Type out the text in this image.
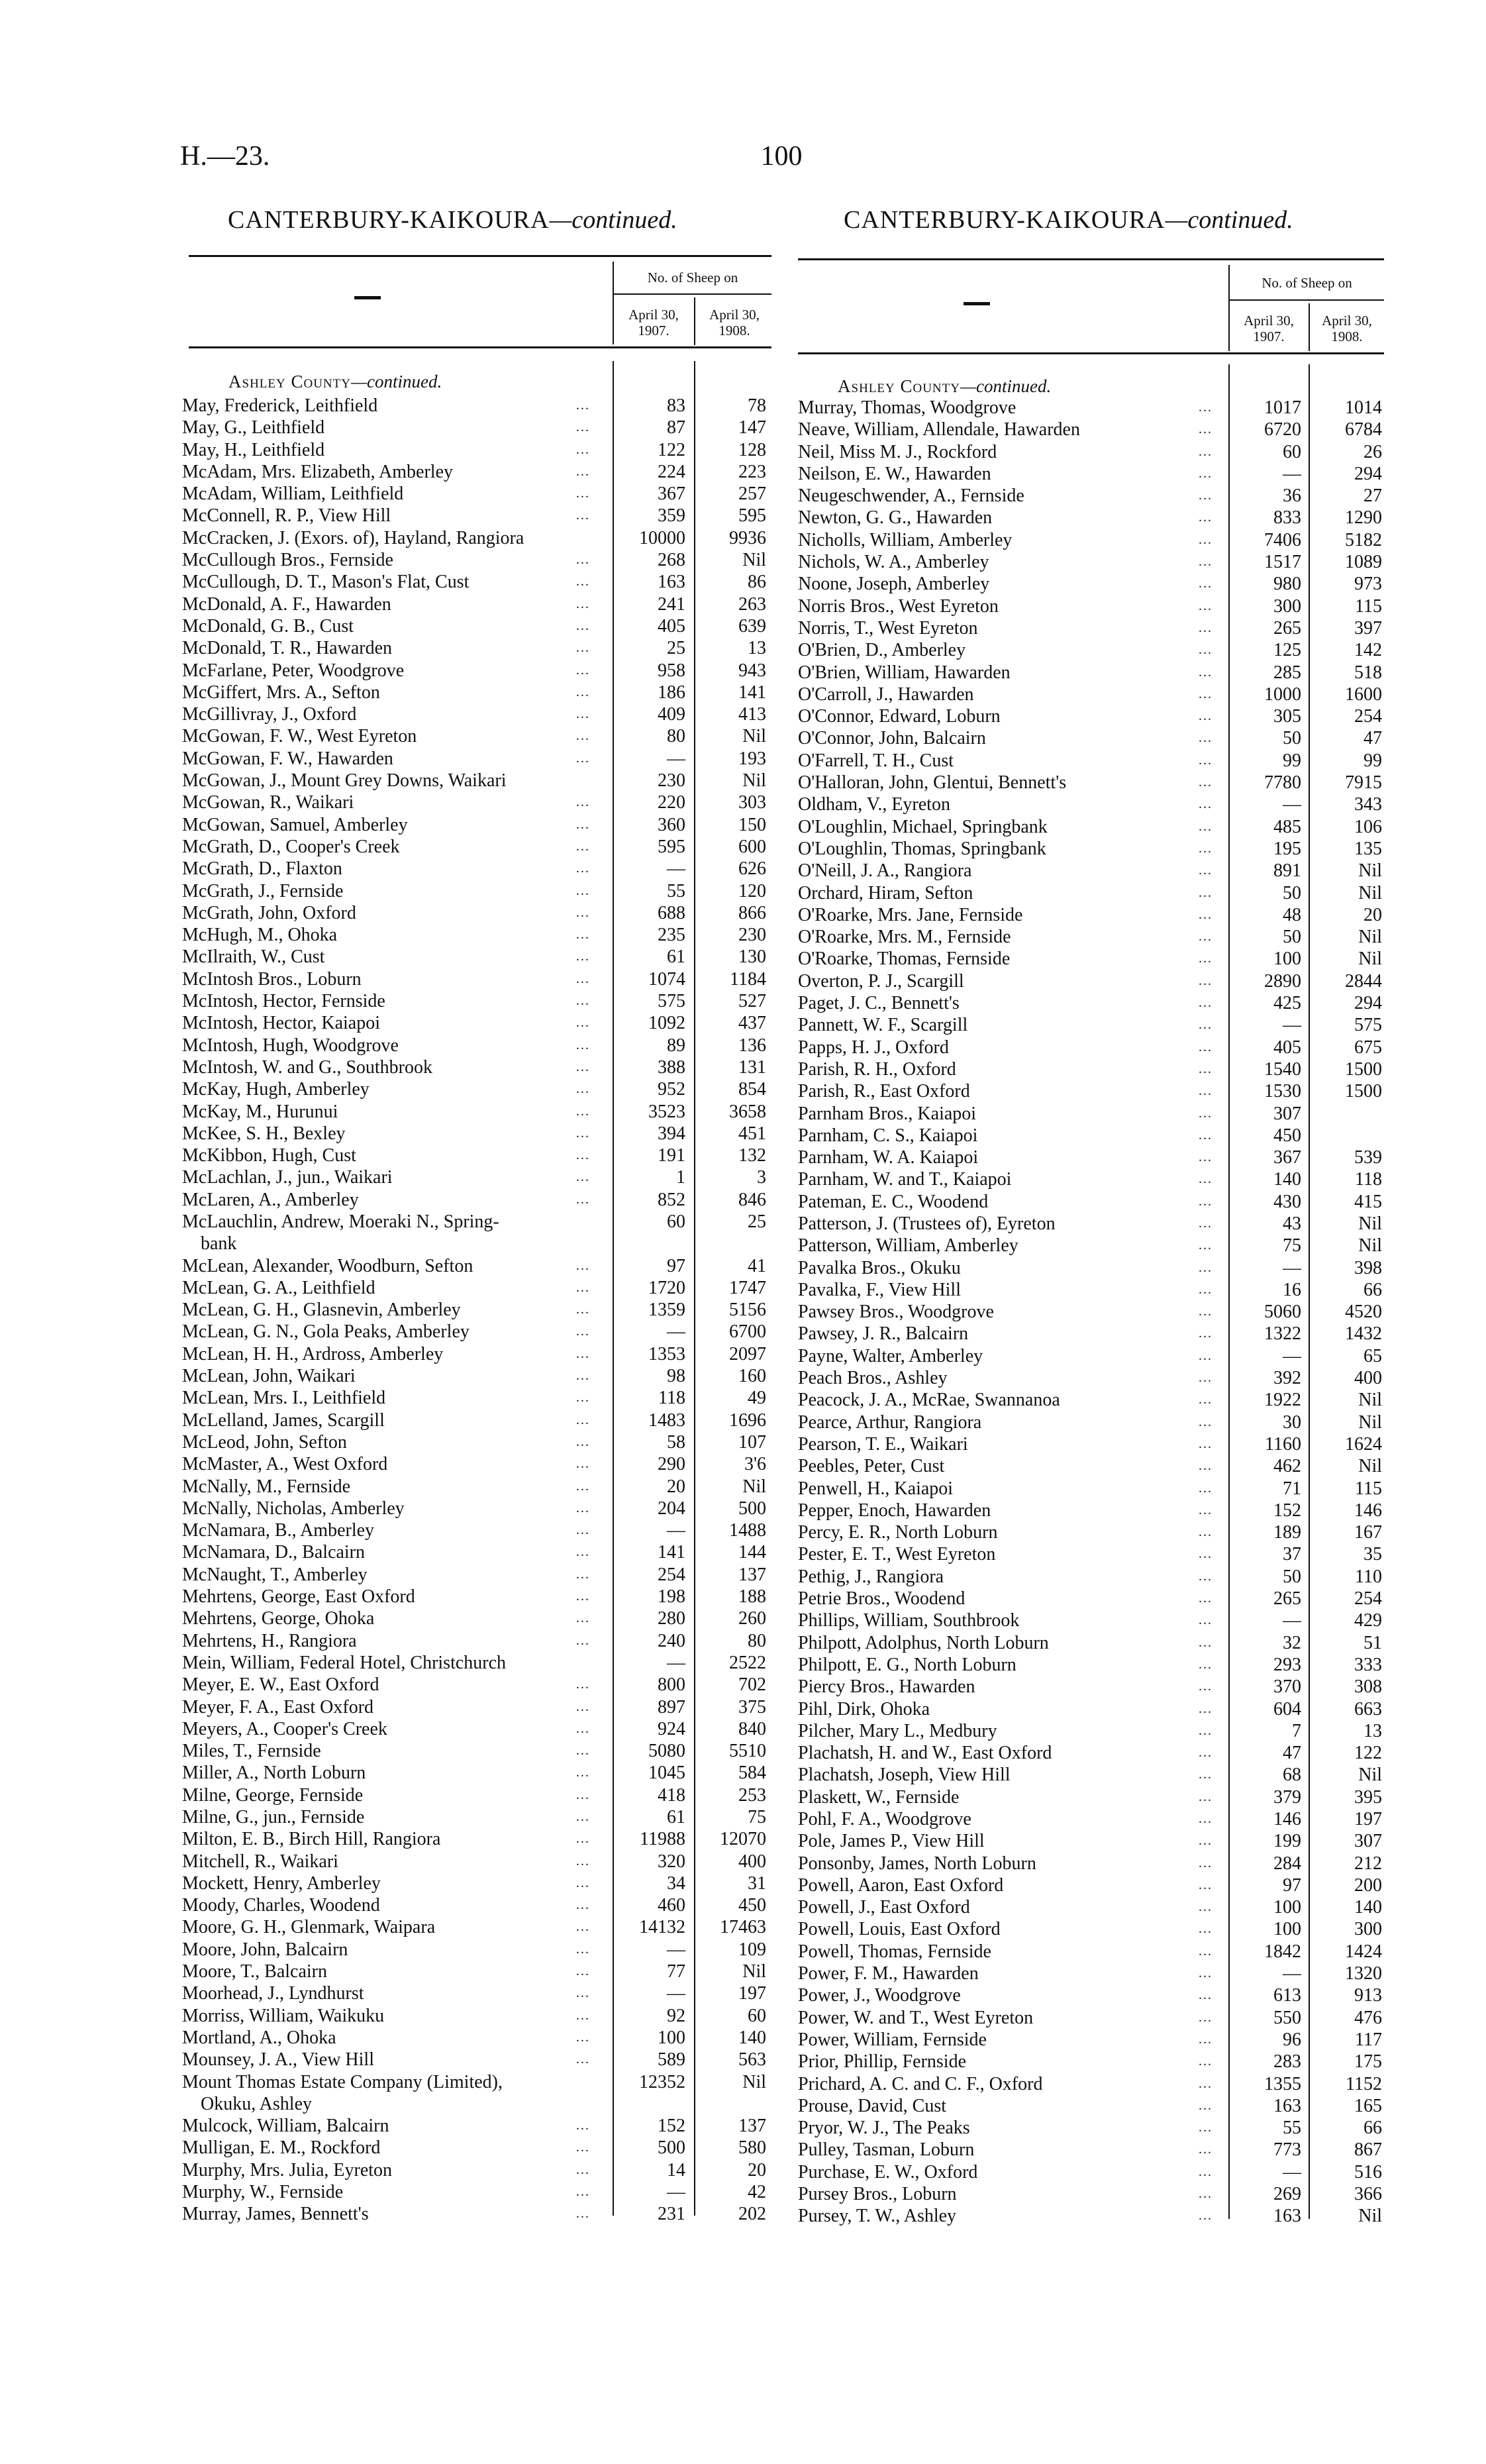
H.—23.	100
CANTERBURY-KAIKOURA—continued.	CANTERBURY-KAIKOURA—continued.
No. of Sheep on
April 30,
1907.
April 30,
1908.
Ashley County—continued.
May, Frederick, Leithfield	...	83	78
May, G., Leithfield	...	87	147
May, H., Leithfield	...	122	128
McAdam, Mrs. Elizabeth, Amberley	...	224	223
McAdam, William, Leithfield	...	367	257
McConnell, R. P., View Hill	...	359	595
McCracken, J. (Exors. of), Hayland, Rangiora	10000	9936
McCullough Bros., Fernside	...	268	Nil
McCullough, D. T., Mason's Flat, Cust	...	163	86
McDonald, A. F., Hawarden	...	241	263
McDonald, G. B., Cust	...	405	639
McDonald, T. R., Hawarden	...	25	13
McFarlane, Peter, Woodgrove	...	958	943
McGiffert, Mrs. A., Sefton	...	186	141
McGillivray, J., Oxford	...	409	413
McGowan, F. W., West Eyreton	...	80	Nil
McGowan, F. W., Hawarden	...	—	193
McGowan, J., Mount Grey Downs, Waikari	230	Nil
McGowan, R., Waikari	...	220	303
McGowan, Samuel, Amberley	...	360	150
McGrath, D., Cooper's Creek	...	595	600
McGrath, D., Flaxton	...	—	626
McGrath, J., Fernside	...	55	120
McGrath, John, Oxford	...	688	866
McHugh, M., Ohoka	...	235	230
McIlraith, W., Cust	...	61	130
McIntosh Bros., Loburn	...	1074	1184
McIntosh, Hector, Fernside	...	575	527
McIntosh, Hector, Kaiapoi	...	1092	437
McIntosh, Hugh, Woodgrove	...	89	136
McIntosh, W. and G., Southbrook	...	388	131
McKay, Hugh, Amberley	...	952	854
McKay, M., Hurunui	...	3523	3658
McKee, S. H., Bexley	...	394	451
McKibbon, Hugh, Cust	...	191	132
McLachlan, J., jun., Waikari	...	1	3
McLaren, A., Amberley	...	852	846
McLauchlin, Andrew, Moeraki N., Spring-	60	25
bank
McLean, Alexander, Woodburn, Sefton	...	97	41
McLean, G. A., Leithfield	...	1720	1747
McLean, G. H., Glasnevin, Amberley	...	1359	5156
McLean, G. N., Gola Peaks, Amberley	...	—	6700
McLean, H. H., Ardross, Amberley	...	1353	2097
McLean, John, Waikari	...	98	160
McLean, Mrs. I., Leithfield	...	118	49
McLelland, James, Scargill	...	1483	1696
McLeod, John, Sefton	...	58	107
McMaster, A., West Oxford	...	290	3'6
McNally, M., Fernside	...	20	Nil
McNally, Nicholas, Amberley	...	204	500
McNamara, B., Amberley	...	—	1488
McNamara, D., Balcairn	...	141	144
McNaught, T., Amberley	...	254	137
Mehrtens, George, East Oxford	...	198	188
Mehrtens, George, Ohoka	...	280	260
Mehrtens, H., Rangiora	...	240	80
Mein, William, Federal Hotel, Christchurch	—	2522
Meyer, E. W., East Oxford	...	800	702
Meyer, F. A., East Oxford	...	897	375
Meyers, A., Cooper's Creek	...	924	840
Miles, T., Fernside	...	5080	5510
Miller, A., North Loburn	...	1045	584
Milne, George, Fernside	...	418	253
Milne, G., jun., Fernside	...	61	75
Milton, E. B., Birch Hill, Rangiora	...	11988	12070
Mitchell, R., Waikari	...	320	400
Mockett, Henry, Amberley	...	34	31
Moody, Charles, Woodend	...	460	450
Moore, G. H., Glenmark, Waipara	...	14132	17463
Moore, John, Balcairn	...	—	109
Moore, T., Balcairn	...	77	Nil
Moorhead, J., Lyndhurst	...	—	197
Morriss, William, Waikuku	...	92	60
Mortland, A., Ohoka	...	100	140
Mounsey, J. A., View Hill	...	589	563
Mount Thomas Estate Company (Limited),	12352	Nil
Okuku, Ashley
Mulcock, William, Balcairn	...	152	137
Mulligan, E. M., Rockford	...	500	580
Murphy, Mrs. Julia, Eyreton	...	14	20
Murphy, W., Fernside	...	—	42
Murray, James, Bennett's	...	231	202
No. of Sheep on
April 30,
1907.
April 30,
1908.
Ashley County—continued.
Murray, Thomas, Woodgrove	...	1017	1014
Neave, William, Allendale, Hawarden	...	6720	6784
Neil, Miss M. J., Rockford	...	60	26
Neilson, E. W., Hawarden	...	—	294
Neugeschwender, A., Fernside	...	36	27
Newton, G. G., Hawarden	...	833	1290
Nicholls, William, Amberley	...	7406	5182
Nichols, W. A., Amberley	...	1517	1089
Noone, Joseph, Amberley	...	980	973
Norris Bros., West Eyreton	...	300	115
Norris, T., West Eyreton	...	265	397
O'Brien, D., Amberley	...	125	142
O'Brien, William, Hawarden	...	285	518
O'Carroll, J., Hawarden	...	1000	1600
O'Connor, Edward, Loburn	...	305	254
O'Connor, John, Balcairn	...	50	47
O'Farrell, T. H., Cust	...	99	99
O'Halloran, John, Glentui, Bennett's	...	7780	7915
Oldham, V., Eyreton	...	—	343
O'Loughlin, Michael, Springbank	...	485	106
O'Loughlin, Thomas, Springbank	...	195	135
O'Neill, J. A., Rangiora	...	891	Nil
Orchard, Hiram, Sefton	...	50	Nil
O'Roarke, Mrs. Jane, Fernside	...	48	20
O'Roarke, Mrs. M., Fernside	...	50	Nil
O'Roarke, Thomas, Fernside	...	100	Nil
Overton, P. J., Scargill	...	2890	2844
Paget, J. C., Bennett's	...	425	294
Pannett, W. F., Scargill	...	—	575
Papps, H. J., Oxford	...	405	675
Parish, R. H., Oxford	...	1540	1500
Parish, R., East Oxford	...	1530	1500
Parnham Bros., Kaiapoi	...	307
Parnham, C. S., Kaiapoi	...	450
Parnham, W. A. Kaiapoi	...	367	539
Parnham, W. and T., Kaiapoi	...	140	118
Pateman, E. C., Woodend	...	430	415
Patterson, J. (Trustees of), Eyreton	...	43	Nil
Patterson, William, Amberley	...	75	Nil
Pavalka Bros., Okuku	...	—	398
Pavalka, F., View Hill	...	16	66
Pawsey Bros., Woodgrove	...	5060	4520
Pawsey, J. R., Balcairn	...	1322	1432
Payne, Walter, Amberley	...	—	65
Peach Bros., Ashley	...	392	400
Peacock, J. A., McRae, Swannanoa	...	1922	Nil
Pearce, Arthur, Rangiora	...	30	Nil
Pearson, T. E., Waikari	...	1160	1624
Peebles, Peter, Cust	...	462	Nil
Penwell, H., Kaiapoi	...	71	115
Pepper, Enoch, Hawarden	...	152	146
Percy, E. R., North Loburn	...	189	167
Pester, E. T., West Eyreton	...	37	35
Pethig, J., Rangiora	...	50	110
Petrie Bros., Woodend	...	265	254
Phillips, William, Southbrook	...	—	429
Philpott, Adolphus, North Loburn	...	32	51
Philpott, E. G., North Loburn	...	293	333
Piercy Bros., Hawarden	...	370	308
Pihl, Dirk, Ohoka	...	604	663
Pilcher, Mary L., Medbury	...	7	13
Plachatsh, H. and W., East Oxford	...	47	122
Plachatsh, Joseph, View Hill	...	68	Nil
Plaskett, W., Fernside	...	379	395
Pohl, F. A., Woodgrove	...	146	197
Pole, James P., View Hill	...	199	307
Ponsonby, James, North Loburn	...	284	212
Powell, Aaron, East Oxford	...	97	200
Powell, J., East Oxford	...	100	140
Powell, Louis, East Oxford	...	100	300
Powell, Thomas, Fernside	...	1842	1424
Power, F. M., Hawarden	...	—	1320
Power, J., Woodgrove	...	613	913
Power, W. and T., West Eyreton	...	550	476
Power, William, Fernside	...	96	117
Prior, Phillip, Fernside	...	283	175
Prichard, A. C. and C. F., Oxford	...	1355	1152
Prouse, David, Cust	...	163	165
Pryor, W. J., The Peaks	...	55	66
Pulley, Tasman, Loburn	...	773	867
Purchase, E. W., Oxford	...	—	516
Pursey Bros., Loburn	...	269	366
Pursey, T. W., Ashley	...	163	Nil
